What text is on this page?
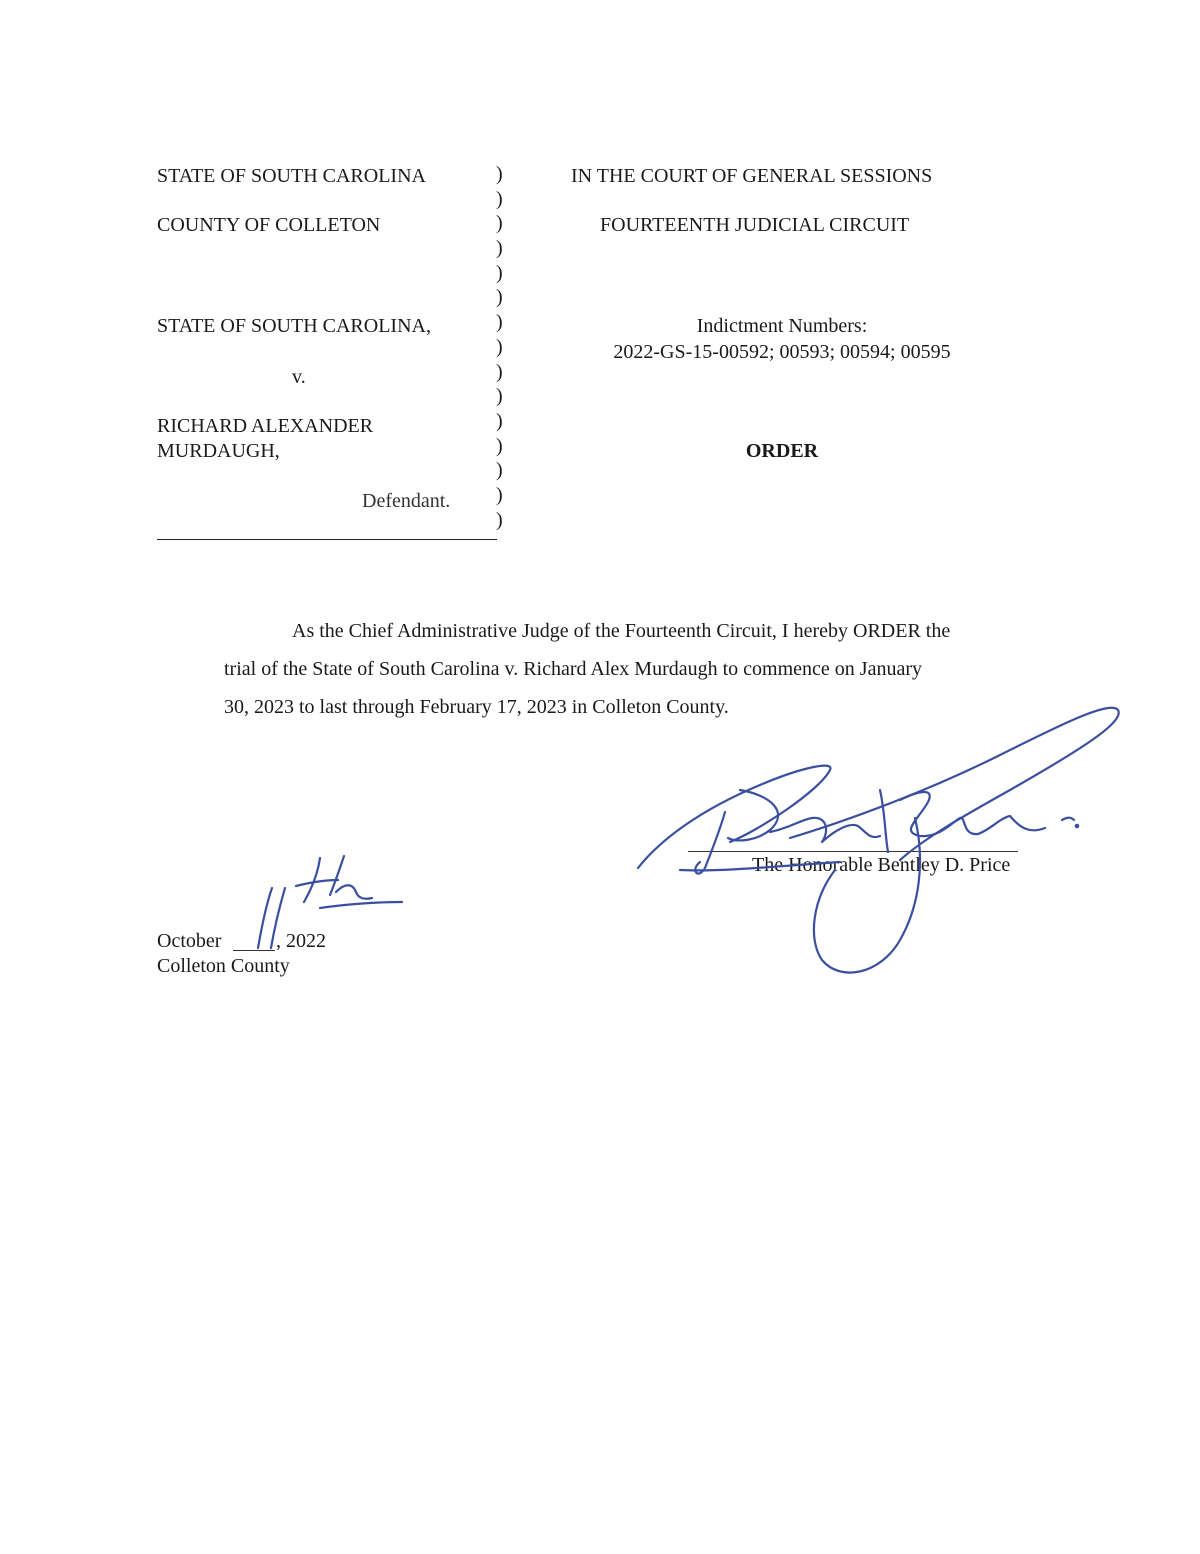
STATE OF SOUTH CAROLINA
COUNTY OF COLLETON
STATE OF SOUTH CAROLINA,
v.
RICHARD ALEXANDER
MURDAUGH,
Defendant.
)
)
)
)
)
)
)
)
)
)
)
)
)
)
)
IN THE COURT OF GENERAL SESSIONS
FOURTEENTH JUDICIAL CIRCUIT
Indictment Numbers:
2022-GS-15-00592; 00593; 00594; 00595
ORDER

As the Chief Administrative Judge of the Fourteenth Circuit, I hereby ORDER the

trial of the State of South Carolina v. Richard Alex Murdaugh to commence on January

30, 2023 to last through February 17, 2023 in Colleton County.

The Honorable Bentley D. Price
October	, 2022
Colleton County
